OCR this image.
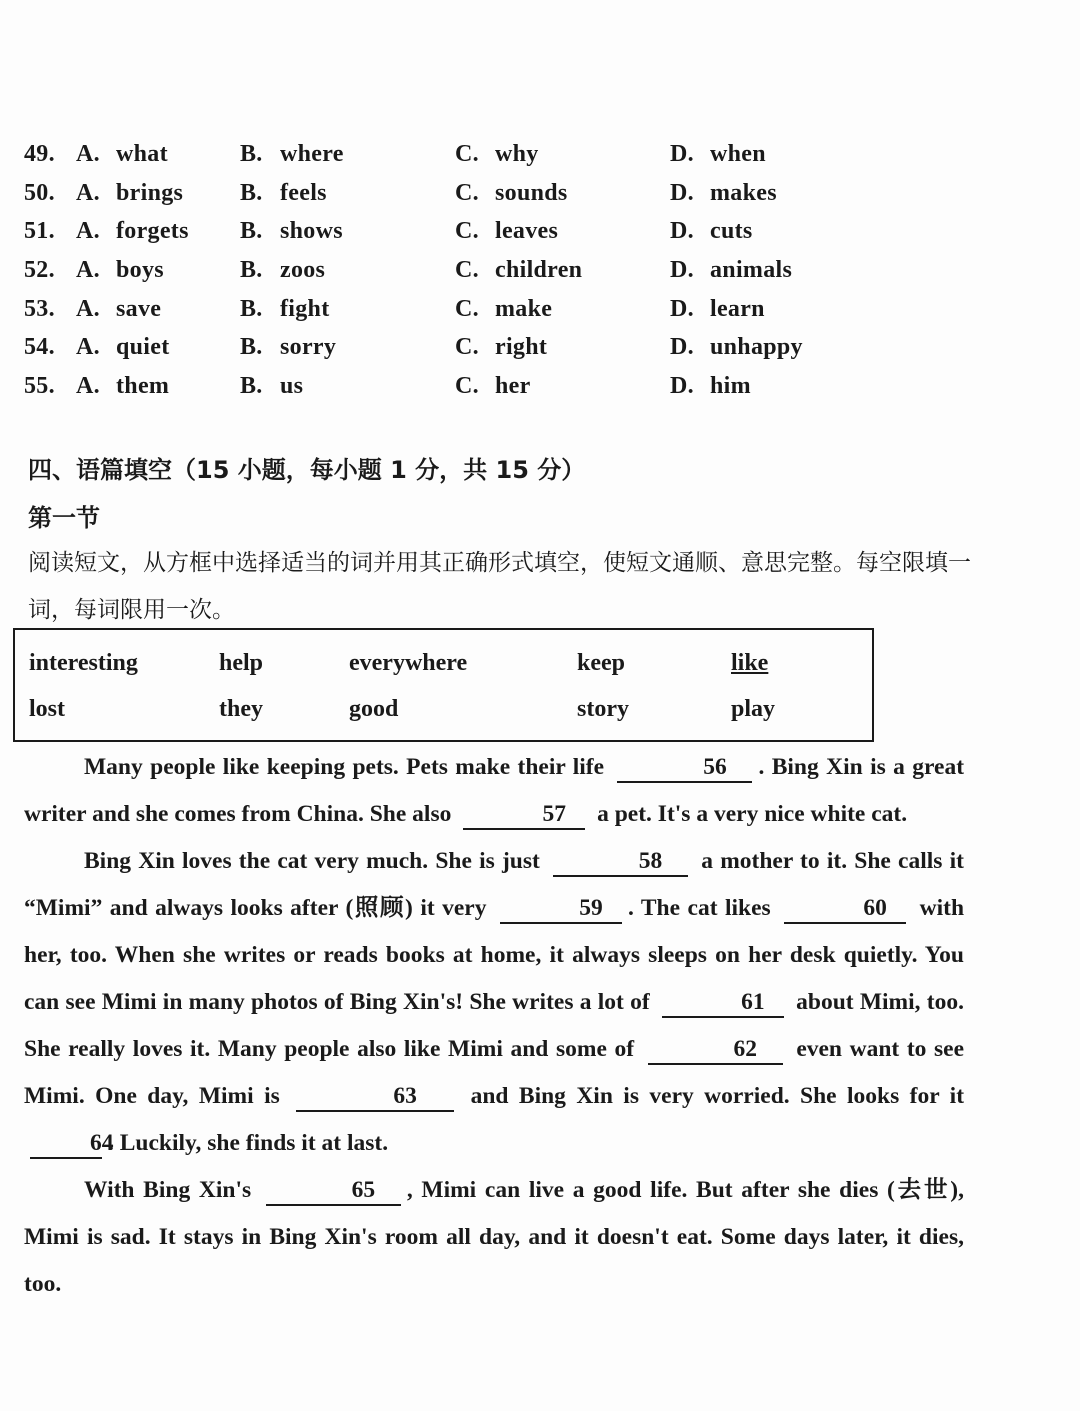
49. A. what	B. where	C. why	D. when
50. A. brings B. feels	C. sounds	D. makes
51. A. forgets B. shows	C. leaves	D. cuts
52. A. boys	B. zoos	C. children	D. animals
53. A. save	B. fight	C. make	D. learn
54. A. quiet	B. sorry	C. right	D. unhappy
55. A. them	B. us	C. her	D. him
四、语篇填空（15 小题，每小题 1 分，共 15 分）
第一节
阅读短文，从方框中选择适当的词并用其正确形式填空，使短文通顺、意思完整。每空限填一词，每词限用一次。
interesting	help	everywhere	keep	like
lost	they	good	story	play

Many people like keeping pets. Pets make their life	56 . Bing Xin is a great writer and she comes from China. She also	57 a pet. It's a very nice white cat.

Bing Xin loves the cat very much. She is just	58 a mother to it. She calls it “Mimi” and always looks after (照顾) it very	59 . The cat likes	60 with her, too. When she writes or reads books at home, it always sleeps on her desk quietly. You can see Mimi in many photos of Bing Xin's! She writes a lot of	61 about Mimi, too. She really loves it. Many people also like Mimi and some of	62 even want to see Mimi. One day, Mimi is	63 and Bing Xin is very worried. She looks for it 64. Luckily, she finds it at last.

With Bing Xin's	65 , Mimi can live a good life. But after she dies (去世), Mimi is sad. It stays in Bing Xin's room all day, and it doesn't eat. Some days later, it dies, too.
